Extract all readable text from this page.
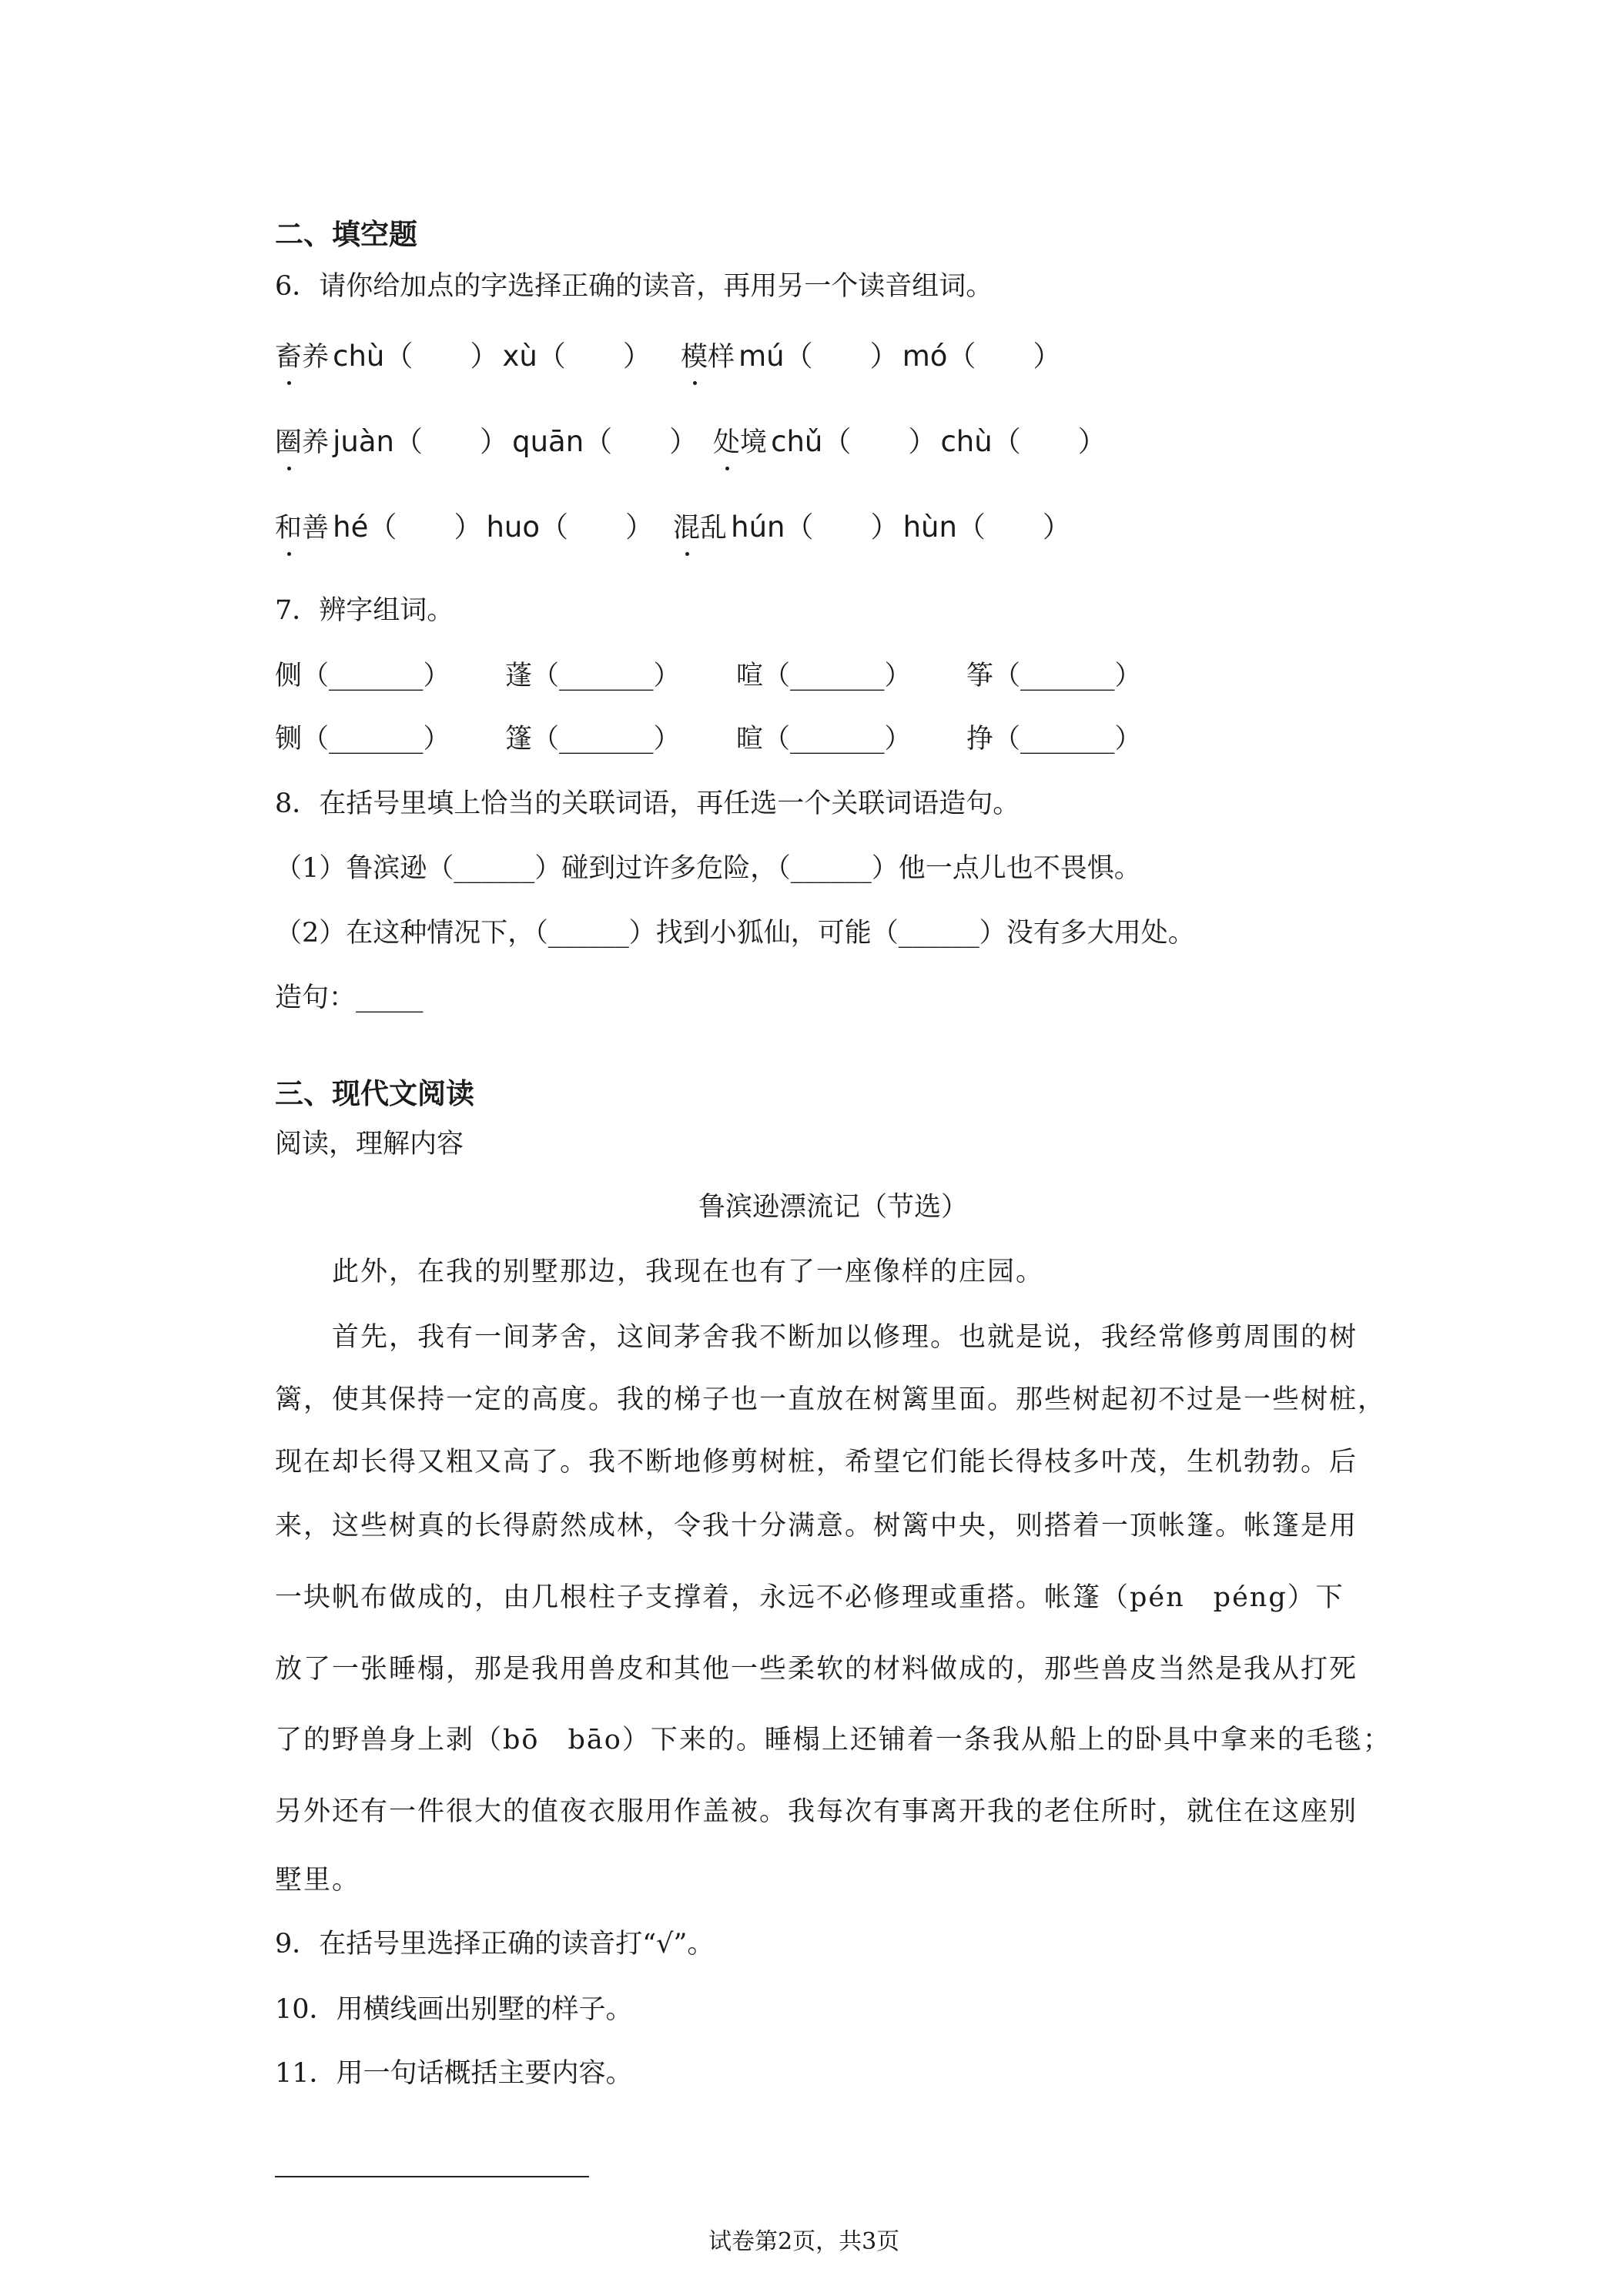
二、填空题
6．请你给加点的字选择正确的读音，再用另一个读音组词。
畜养 chù（　　） xù（　　） 模样 mú（　　） mó（　　）
圈养 juàn（　　） quān（　　） 处境 chǔ（　　） chù（　　）
和善 hé（　　） huo（　　） 混乱 hún（　　） hùn（　　）
7．辨字组词。
侧（_______） 蓬（_______） 喧（_______） 筝（_______）
铡（_______） 篷（_______） 暄（_______） 挣（_______）
8．在括号里填上恰当的关联词语，再任选一个关联词语造句。
（1）鲁滨逊（______）碰到过许多危险，（______）他一点儿也不畏惧。
（2）在这种情况下，（______）找到小狐仙，可能（______）没有多大用处。
造句：_____
三、现代文阅读
阅读，理解内容
鲁滨逊漂流记（节选）
　　此外，在我的别墅那边，我现在也有了一座像样的庄园。
　　首先，我有一间茅舍，这间茅舍我不断加以修理。也就是说，我经常修剪周围的树
篱，使其保持一定的高度。我的梯子也一直放在树篱里面。那些树起初不过是一些树桩，
现在却长得又粗又高了。我不断地修剪树桩，希望它们能长得枝多叶茂，生机勃勃。后
来，这些树真的长得蔚然成林，令我十分满意。树篱中央，则搭着一顶帐篷。帐篷是用
一块帆布做成的，由几根柱子支撑着，永远不必修理或重搭。帐篷（pén　péng）下
放了一张睡榻，那是我用兽皮和其他一些柔软的材料做成的，那些兽皮当然是我从打死
了的野兽身上剥（bō　bāo）下来的。睡榻上还铺着一条我从船上的卧具中拿来的毛毯；
另外还有一件很大的值夜衣服用作盖被。我每次有事离开我的老住所时，就住在这座别
墅里。
9．在括号里选择正确的读音打“√”。
10．用横线画出别墅的样子。
11．用一句话概括主要内容。
试卷第2页，共3页
